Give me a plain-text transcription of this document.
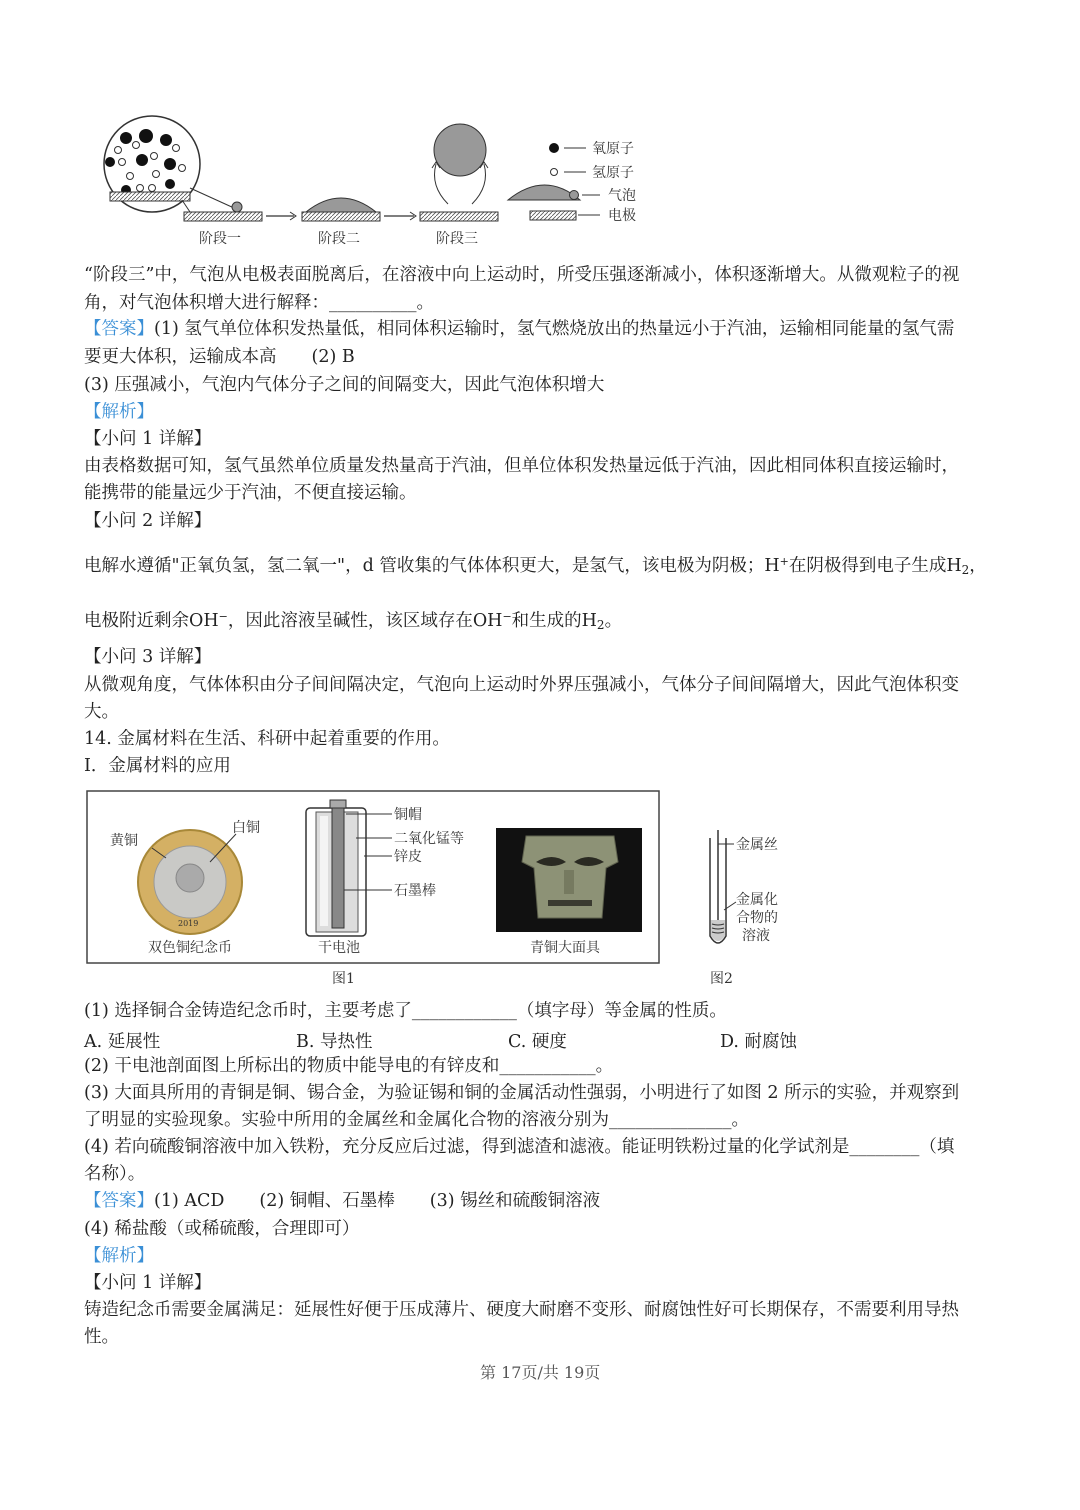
阶段一	阶段二	阶段三
氧原子
氢原子
气泡
电极
“阶段三”中，气泡从电极表面脱离后，在溶液中向上运动时，所受压强逐渐减小，体积逐渐增大。从微观粒子的视
角，对气泡体积增大进行解释：__________。
【答案】(1) 氢气单位体积发热量低，相同体积运输时，氢气燃烧放出的热量远小于汽油，运输相同能量的氢气需
要更大体积，运输成本高　　(2) B
(3) 压强减小，气泡内气体分子之间的间隔变大，因此气泡体积增大
【解析】
【小问 1 详解】
由表格数据可知，氢气虽然单位质量发热量高于汽油，但单位体积发热量远低于汽油，因此相同体积直接运输时，
能携带的能量远少于汽油，不便直接运输。
【小问 2 详解】
电解水遵循"正氧负氢，氢二氧一"，d 管收集的气体体积更大，是氢气，该电极为阴极；H+在阴极得到电子生成$H_2$，
电极附近剩余OH−，因此溶液呈碱性，该区域存在OH−和生成的$H_2$。
【小问 3 详解】
从微观角度，气体体积由分子间间隔决定，气泡向上运动时外界压强减小，气体分子间间隔增大，因此气泡体积变
大。
14. 金属材料在生活、科研中起着重要的作用。
Ⅰ．金属材料的应用
2019
黄铜
白铜
双色铜纪念币
铜帽
二氧化锰等
锌皮
石墨棒
干电池	青铜大面具
图1
金属丝
金属化
合物的
溶液
图2
(1) 选择铜合金铸造纪念币时，主要考虑了____________（填字母）等金属的性质。
A. 延展性	B. 导热性	C. 硬度	D. 耐腐蚀
(2) 干电池剖面图上所标出的物质中能导电的有锌皮和___________。
(3) 大面具所用的青铜是铜、锡合金，为验证锡和铜的金属活动性强弱，小明进行了如图 2 所示的实验，并观察到
了明显的实验现象。实验中所用的金属丝和金属化合物的溶液分别为______________。
(4) 若向硫酸铜溶液中加入铁粉，充分反应后过滤，得到滤渣和滤液。能证明铁粉过量的化学试剂是________（填
名称）。
【答案】(1) ACD　　(2) 铜帽、石墨棒　　(3) 锡丝和硫酸铜溶液
(4) 稀盐酸（或稀硫酸，合理即可）
【解析】
【小问 1 详解】
铸造纪念币需要金属满足：延展性好便于压成薄片、硬度大耐磨不变形、耐腐蚀性好可长期保存，不需要利用导热
性。
第 17页/共 19页
